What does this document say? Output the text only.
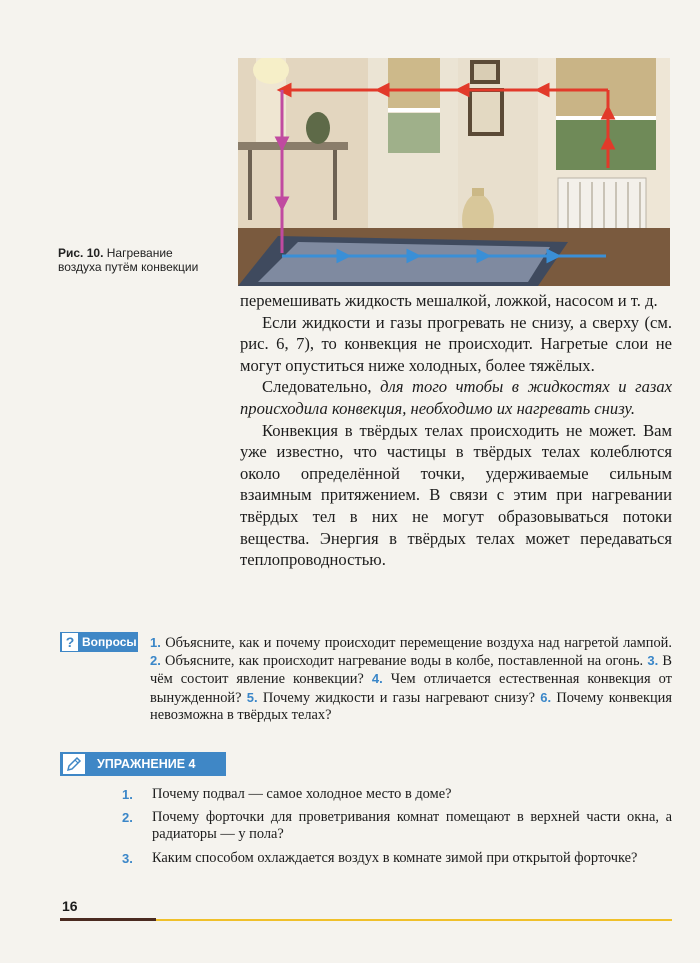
Рис. 10. Нагревание воздуха путём конвекции

перемешивать жидкость мешалкой, ложкой, насосом и т. д.

Если жидкости и газы прогревать не снизу, а сверху (см. рис. 6, 7), то конвекция не происходит. Нагретые слои не могут опуститься ниже холодных, более тяжёлых.

Следовательно, для того чтобы в жидкостях и газах происходила конвекция, необходимо их нагревать снизу.

Конвекция в твёрдых телах происходить не может. Вам уже известно, что частицы в твёрдых телах колеблются около определённой точки, удерживаемые сильным взаимным притяжением. В связи с этим при нагревании твёрдых тел в них не могут образовываться потоки вещества. Энергия в твёрдых телах может передаваться теплопроводностью.

? Вопросы 1. Объясните, как и почему происходит перемещение воздуха над нагретой лампой. 2. Объясните, как происходит нагревание воды в колбе, поставленной на огонь. 3. В чём состоит явление конвекции? 4. Чем отличается естественная конвекция от вынужденной? 5. Почему жидкости и газы нагревают снизу? 6. Почему конвекция невозможна в твёрдых телах?
УПРАЖНЕНИЕ 4
1. Почему подвал — самое холодное место в доме?
2. Почему форточки для проветривания комнат помещают в верхней части окна, а радиаторы — у пола?
3. Каким способом охлаждается воздух в комнате зимой при открытой форточке?
16
